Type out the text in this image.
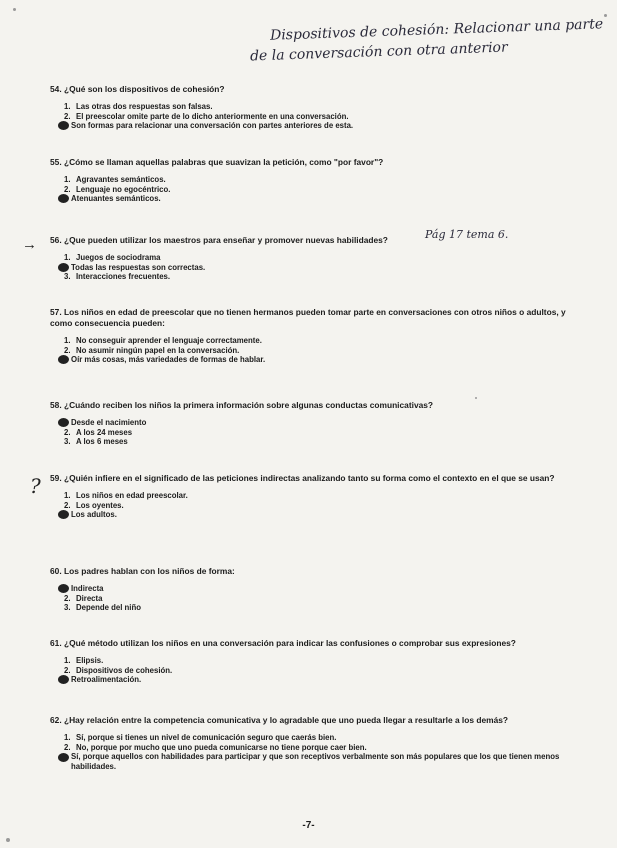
Dispositivos de cohesión: Relacionar una parte
de la conversación con otra anterior
54. ¿Qué son los dispositivos de cohesión?
1. Las otras dos respuestas son falsas.
2. El preescolar omite parte de lo dicho anteriormente en una conversación.
Son formas para relacionar una conversación con partes anteriores de esta.
55. ¿Cómo se llaman aquellas palabras que suavizan la petición, como "por favor"?
1. Agravantes semánticos.
2. Lenguaje no egocéntrico.
Atenuantes semánticos.
→
Pág 17 tema 6.
56. ¿Que pueden utilizar los maestros para enseñar y promover nuevas habilidades?
1. Juegos de sociodrama
Todas las respuestas son correctas.
3. Interacciones frecuentes.
57. Los niños en edad de preescolar que no tienen hermanos pueden tomar parte en conversaciones con otros niños o adultos, y como consecuencia pueden:
1. No conseguir aprender el lenguaje correctamente.
2. No asumir ningún papel en la conversación.
Oír más cosas, más variedades de formas de hablar.
58. ¿Cuándo reciben los niños la primera información sobre algunas conductas comunicativas?
Desde el nacimiento
2. A los 24 meses
3. A los 6 meses
? 59. ¿Quién infiere en el significado de las peticiones indirectas analizando tanto su forma como el contexto en el que se usan?
1. Los niños en edad preescolar.
2. Los oyentes.
Los adultos.
60. Los padres hablan con los niños de forma:
Indirecta
2. Directa
3. Depende del niño
61. ¿Qué método utilizan los niños en una conversación para indicar las confusiones o comprobar sus expresiones?
1. Elipsis.
2. Dispositivos de cohesión.
Retroalimentación.
62. ¿Hay relación entre la competencia comunicativa y lo agradable que uno pueda llegar a resultarle a los demás?
1. Sí, porque si tienes un nivel de comunicación seguro que caerás bien.
2. No, porque por mucho que uno pueda comunicarse no tiene porque caer bien.
Sí, porque aquellos con habilidades para participar y que son receptivos verbalmente son más populares que los que tienen menos habilidades.
-7-
